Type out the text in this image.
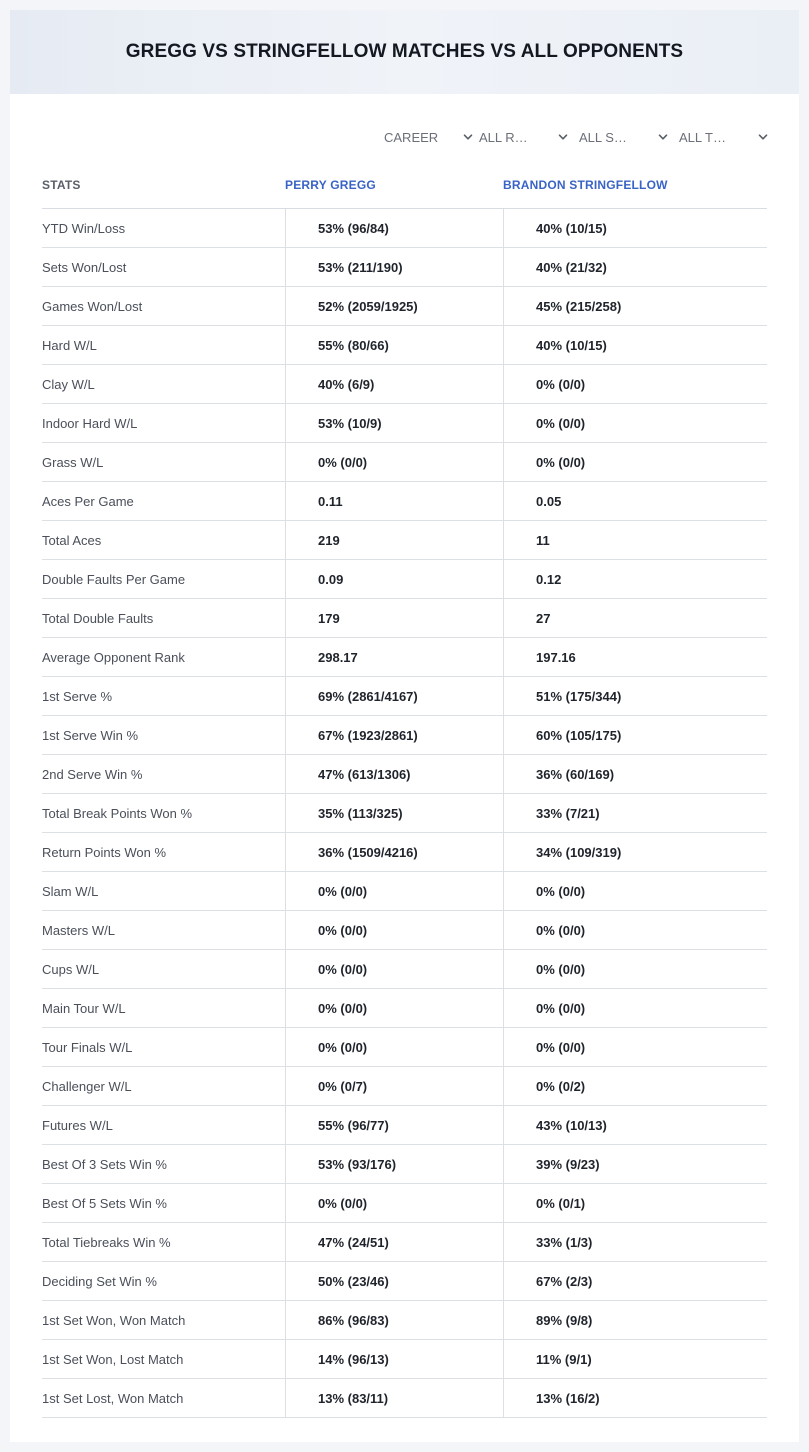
GREGG VS STRINGFELLOW MATCHES VS ALL OPPONENTS
CAREER	ALL R…	ALL S…	ALL T…
STATS	PERRY GREGG	BRANDON STRINGFELLOW
YTD Win/Loss	53% (96/84)	40% (10/15)
Sets Won/Lost	53% (211/190)	40% (21/32)
Games Won/Lost	52% (2059/1925)	45% (215/258)
Hard W/L	55% (80/66)	40% (10/15)
Clay W/L	40% (6/9)	0% (0/0)
Indoor Hard W/L	53% (10/9)	0% (0/0)
Grass W/L	0% (0/0)	0% (0/0)
Aces Per Game	0.11	0.05
Total Aces	219	11
Double Faults Per Game	0.09	0.12
Total Double Faults	179	27
Average Opponent Rank	298.17	197.16
1st Serve %	69% (2861/4167)	51% (175/344)
1st Serve Win %	67% (1923/2861)	60% (105/175)
2nd Serve Win %	47% (613/1306)	36% (60/169)
Total Break Points Won %	35% (113/325)	33% (7/21)
Return Points Won %	36% (1509/4216)	34% (109/319)
Slam W/L	0% (0/0)	0% (0/0)
Masters W/L	0% (0/0)	0% (0/0)
Cups W/L	0% (0/0)	0% (0/0)
Main Tour W/L	0% (0/0)	0% (0/0)
Tour Finals W/L	0% (0/0)	0% (0/0)
Challenger W/L	0% (0/7)	0% (0/2)
Futures W/L	55% (96/77)	43% (10/13)
Best Of 3 Sets Win %	53% (93/176)	39% (9/23)
Best Of 5 Sets Win %	0% (0/0)	0% (0/1)
Total Tiebreaks Win %	47% (24/51)	33% (1/3)
Deciding Set Win %	50% (23/46)	67% (2/3)
1st Set Won, Won Match	86% (96/83)	89% (9/8)
1st Set Won, Lost Match	14% (96/13)	11% (9/1)
1st Set Lost, Won Match	13% (83/11)	13% (16/2)
